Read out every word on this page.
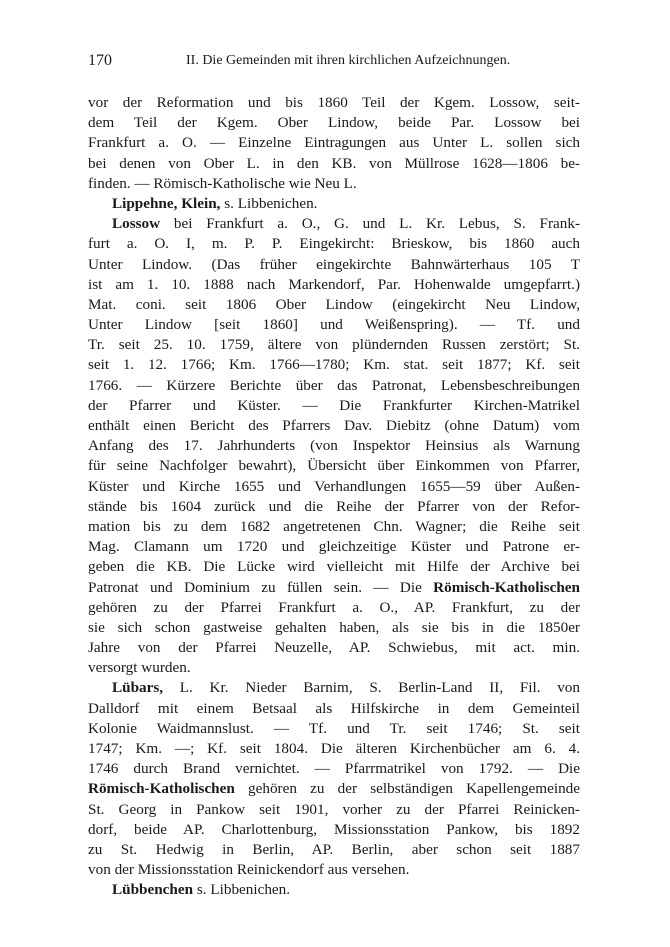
170	II. Die Gemeinden mit ihren kirchlichen Aufzeichnungen.
vor der Reformation und bis 1860 Teil der Kgem. Lossow, seit-
dem Teil der Kgem. Ober Lindow, beide Par. Lossow bei
Frankfurt a. O. — Einzelne Eintragungen aus Unter L. sollen sich
bei denen von Ober L. in den KB. von Müllrose 1628—1806 be-
finden. — Römisch-Katholische wie Neu L.
Lippehne, Klein, s. Libbenichen.
Lossow bei Frankfurt a. O., G. und L. Kr. Lebus, S. Frank-
furt a. O. I, m. P. P. Eingekircht: Brieskow, bis 1860 auch
Unter Lindow. (Das früher eingekirchte Bahnwärterhaus 105 T
ist am 1. 10. 1888 nach Markendorf, Par. Hohenwalde umgepfarrt.)
Mat. coni. seit 1806 Ober Lindow (eingekircht Neu Lindow,
Unter Lindow [seit 1860] und Weißenspring). — Tf. und
Tr. seit 25. 10. 1759, ältere von plündernden Russen zerstört; St.
seit 1. 12. 1766; Km. 1766—1780; Km. stat. seit 1877; Kf. seit
1766. — Kürzere Berichte über das Patronat, Lebensbeschreibungen
der Pfarrer und Küster. — Die Frankfurter Kirchen-Matrikel
enthält einen Bericht des Pfarrers Dav. Diebitz (ohne Datum) vom
Anfang des 17. Jahrhunderts (von Inspektor Heinsius als Warnung
für seine Nachfolger bewahrt), Übersicht über Einkommen von Pfarrer,
Küster und Kirche 1655 und Verhandlungen 1655—59 über Außen-
stände bis 1604 zurück und die Reihe der Pfarrer von der Refor-
mation bis zu dem 1682 angetretenen Chn. Wagner; die Reihe seit
Mag. Clamann um 1720 und gleichzeitige Küster und Patrone er-
geben die KB. Die Lücke wird vielleicht mit Hilfe der Archive bei
Patronat und Dominium zu füllen sein. — Die Römisch-Katholischen
gehören zu der Pfarrei Frankfurt a. O., AP. Frankfurt, zu der
sie sich schon gastweise gehalten haben, als sie bis in die 1850er
Jahre von der Pfarrei Neuzelle, AP. Schwiebus, mit act. min.
versorgt wurden.
Lübars, L. Kr. Nieder Barnim, S. Berlin-Land II, Fil. von
Dalldorf mit einem Betsaal als Hilfskirche in dem Gemeinteil
Kolonie Waidmannslust. — Tf. und Tr. seit 1746; St. seit
1747; Km. —; Kf. seit 1804. Die älteren Kirchenbücher am 6. 4.
1746 durch Brand vernichtet. — Pfarrmatrikel von 1792. — Die
Römisch-Katholischen gehören zu der selbständigen Kapellengemeinde
St. Georg in Pankow seit 1901, vorher zu der Pfarrei Reinicken-
dorf, beide AP. Charlottenburg, Missionsstation Pankow, bis 1892
zu St. Hedwig in Berlin, AP. Berlin, aber schon seit 1887
von der Missionsstation Reinickendorf aus versehen.
Lübbenchen s. Libbenichen.
